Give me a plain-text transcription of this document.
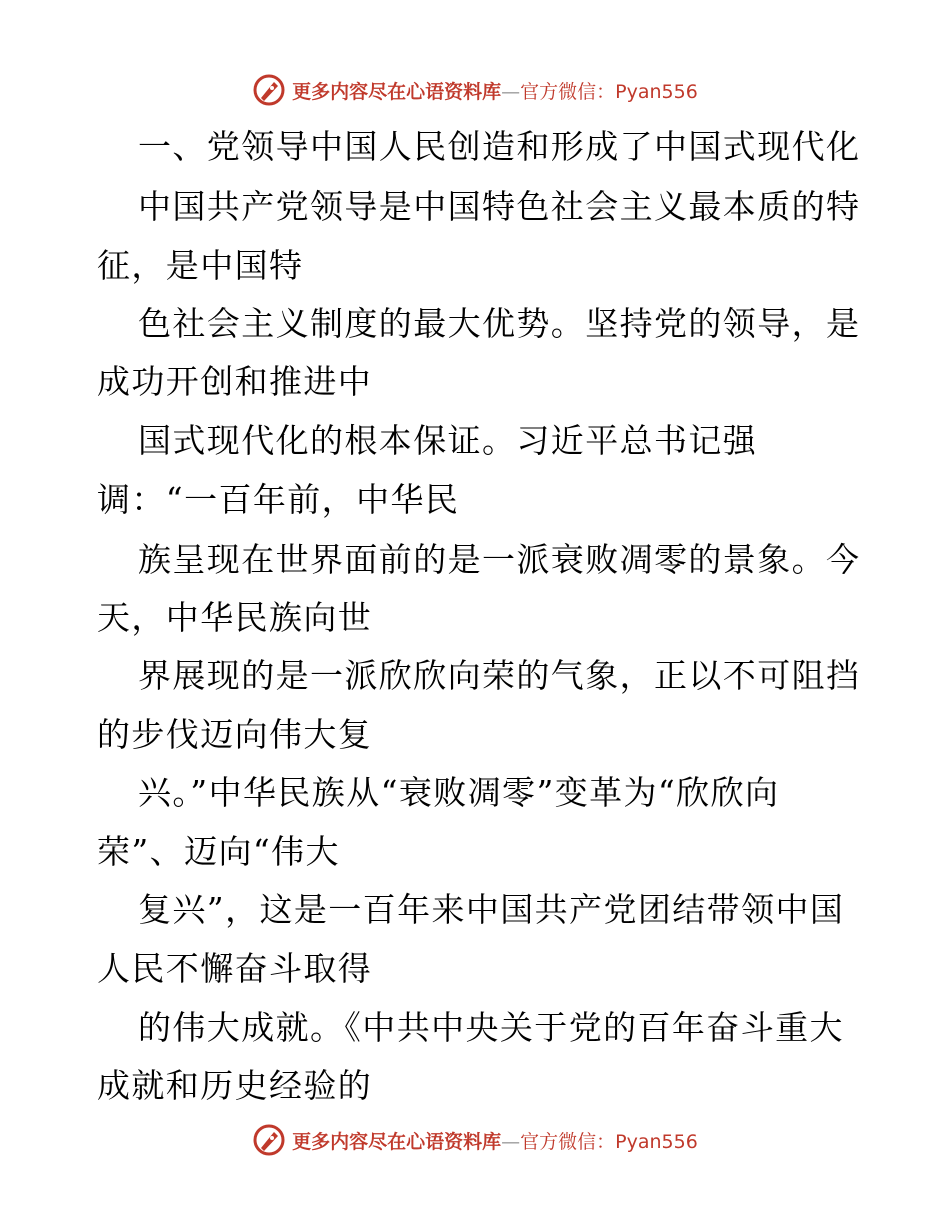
更多内容尽在心语资料库—官方微信：Pyan556
一、党领导中国人民创造和形成了中国式现代化
中国共产党领导是中国特色社会主义最本质的特
征，是中国特
色社会主义制度的最大优势。坚持党的领导，是
成功开创和推进中
国式现代化的根本保证。习近平总书记强
调：“一百年前，中华民
族呈现在世界面前的是一派衰败凋零的景象。今
天，中华民族向世
界展现的是一派欣欣向荣的气象，正以不可阻挡
的步伐迈向伟大复
兴。”中华民族从“衰败凋零”变革为“欣欣向
荣”、迈向“伟大
复兴”，这是一百年来中国共产党团结带领中国
人民不懈奋斗取得
的伟大成就。《中共中央关于党的百年奋斗重大
成就和历史经验的
更多内容尽在心语资料库—官方微信：Pyan556
